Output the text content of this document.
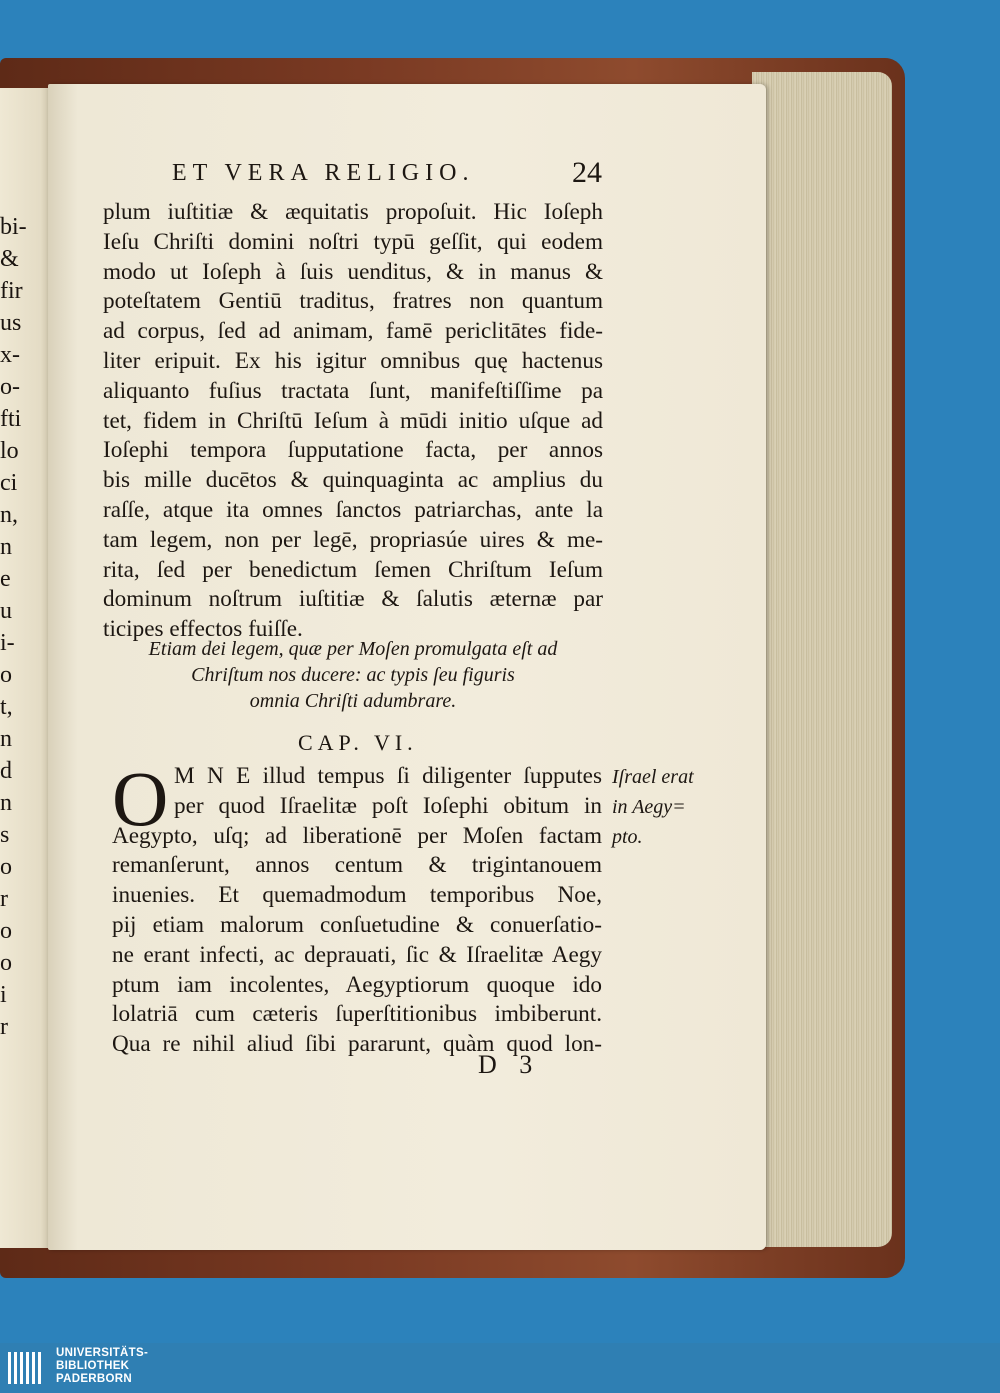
bi-
&
fir
us
x-
o-
fti
lo
ci
n,
n
e
u
i-
o
t,
n
d
n
s
o
r
o
o
i
r
ET VERA RELIGIO.	24
plum iuſtitiæ & æquitatis propoſuit. Hic Ioſeph
Ieſu Chriſti domini noſtri typū geſſit, qui eodem
modo ut Ioſeph à ſuis uenditus, & in manus &
poteſtatem Gentiū traditus, fratres non quantum
ad corpus, ſed ad animam, famē periclitātes fide-
liter eripuit. Ex his igitur omnibus quę hactenus
aliquanto fuſius tractata ſunt, manifeſtiſſime pa
tet, fidem in Chriſtū Ieſum à mūdi initio uſque ad
Ioſephi tempora ſupputatione facta, per annos
bis mille ducētos & quinquaginta ac amplius du
raſſe, atque ita omnes ſanctos patriarchas, ante la
tam legem, non per legē, propriasúe uires & me-
rita, ſed per benedictum ſemen Chriſtum Ieſum
dominum noſtrum iuſtitiæ & ſalutis æternæ par
ticipes effectos fuiſſe.
Etiam dei legem, quæ per Moſen promulgata eſt ad
Chriſtum nos ducere: ac typis ſeu figuris
omnia Chriſti adumbrare.
CAP. VI.
O M N E illud tempus ſi diligenter ſupputes
per quod Iſraelitæ poſt Ioſephi obitum in
Aegypto, uſq; ad liberationē per Moſen factam
remanſerunt, annos centum & trigintanouem
inuenies. Et quemadmodum temporibus Noe,
pij etiam malorum conſuetudine & conuerſatio-
ne erant infecti, ac deprauati, ſic & Iſraelitæ Aegy
ptum iam incolentes, Aegyptiorum quoque ido
lolatriā cum cæteris ſuperſtitionibus imbiberunt.
Qua re nihil aliud ſibi pararunt, quàm quod lon-
Iſrael erat
in Aegy=
pto.
D 3
UNIVERSITÄTS-
BIBLIOTHEK
PADERBORN
